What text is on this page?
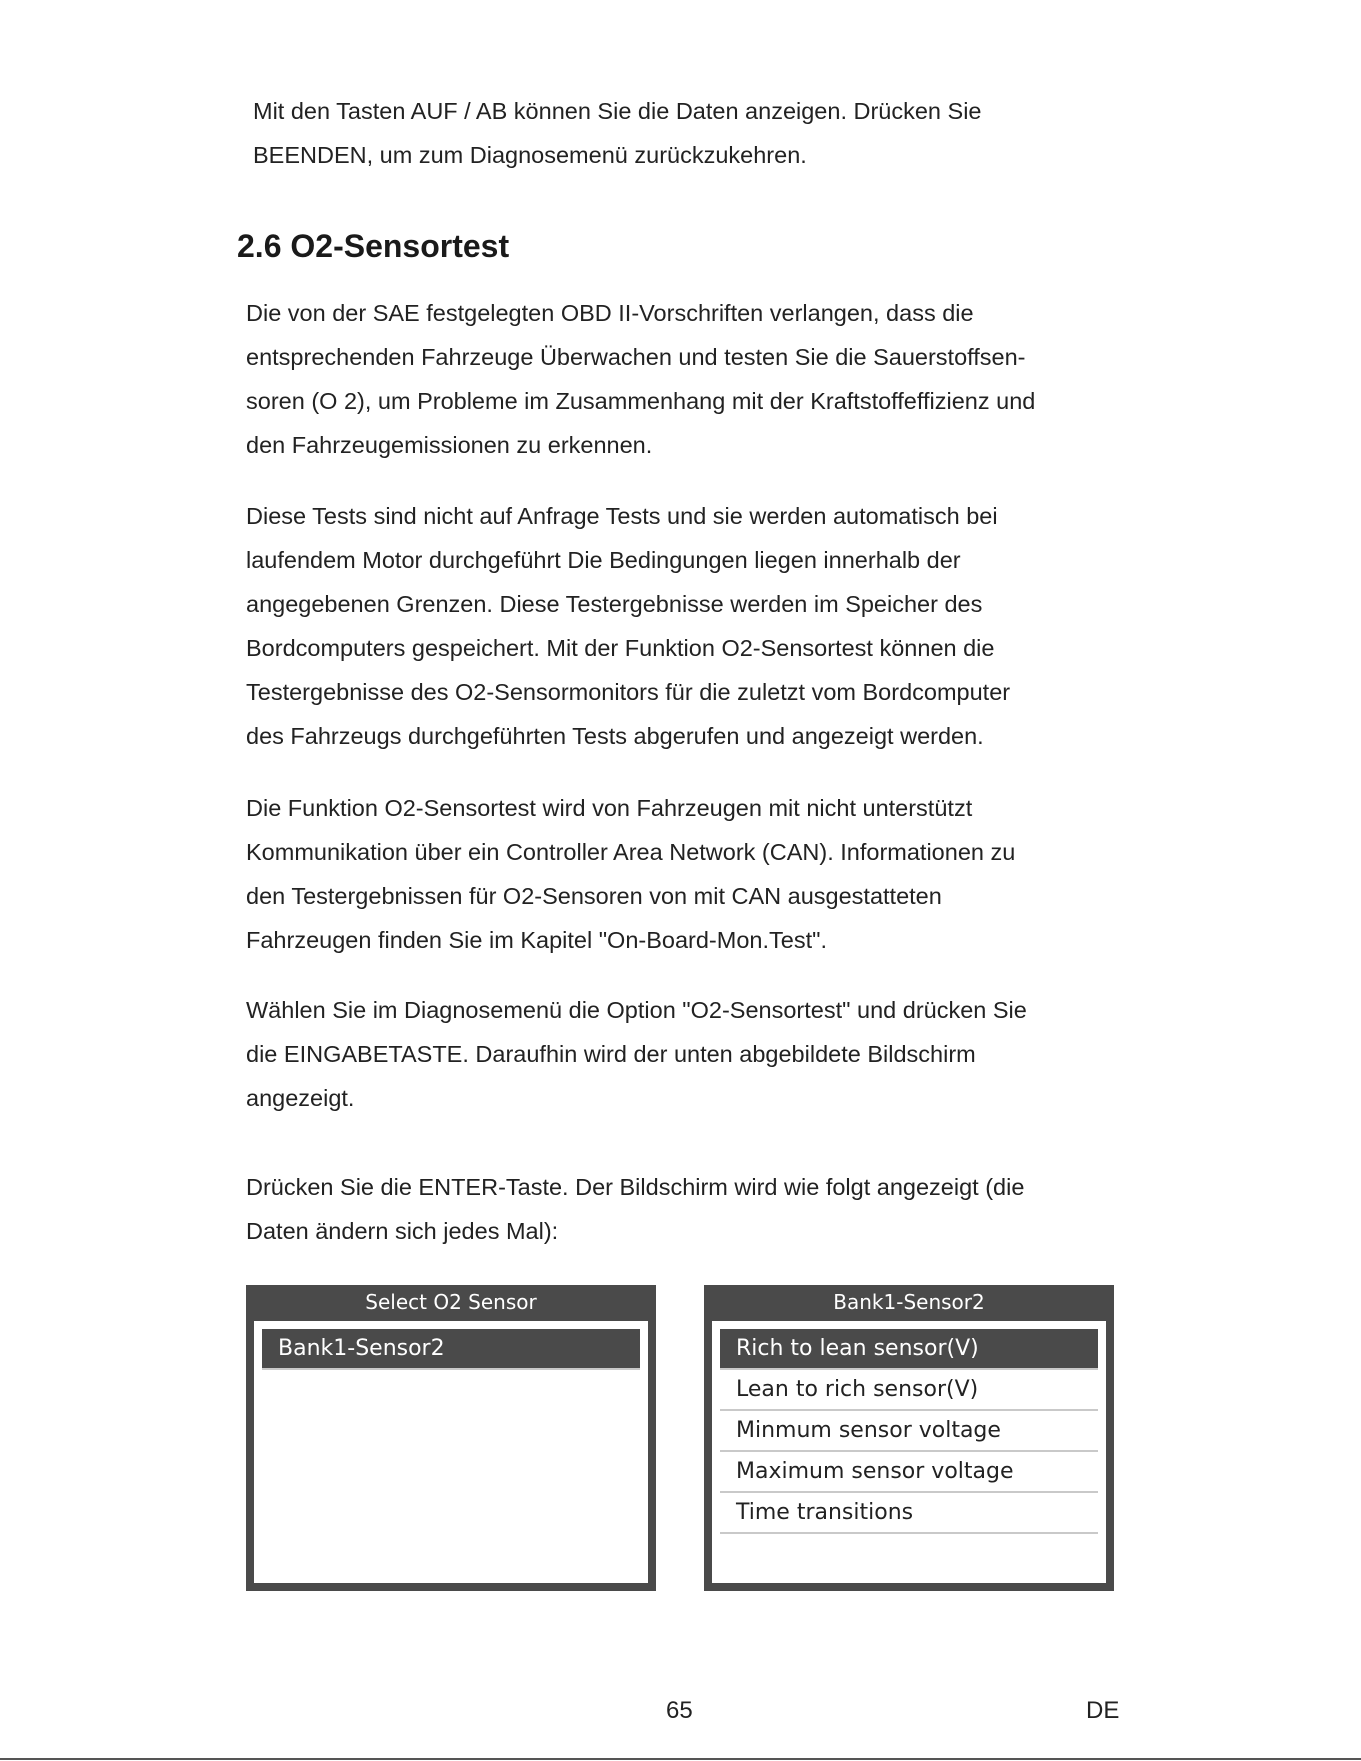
Mit den Tasten AUF / AB können Sie die Daten anzeigen. Drücken Sie
BEENDEN, um zum Diagnosemenü zurückzukehren.
2.6 O2-Sensortest
Die von der SAE festgelegten OBD II-Vorschriften verlangen, dass die
entsprechenden Fahrzeuge Überwachen und testen Sie die Sauerstoffsen-
soren (O 2), um Probleme im Zusammenhang mit der Kraftstoffeffizienz und
den Fahrzeugemissionen zu erkennen.
Diese Tests sind nicht auf Anfrage Tests und sie werden automatisch bei
laufendem Motor durchgeführt Die Bedingungen liegen innerhalb der
angegebenen Grenzen. Diese Testergebnisse werden im Speicher des
Bordcomputers gespeichert. Mit der Funktion O2-Sensortest können die
Testergebnisse des O2-Sensormonitors für die zuletzt vom Bordcomputer
des Fahrzeugs durchgeführten Tests abgerufen und angezeigt werden.
Die Funktion O2-Sensortest wird von Fahrzeugen mit nicht unterstützt
Kommunikation über ein Controller Area Network (CAN). Informationen zu
den Testergebnissen für O2-Sensoren von mit CAN ausgestatteten
Fahrzeugen finden Sie im Kapitel "On-Board-Mon.Test".
Wählen Sie im Diagnosemenü die Option "O2-Sensortest" und drücken Sie
die EINGABETASTE. Daraufhin wird der unten abgebildete Bildschirm
angezeigt.
Drücken Sie die ENTER-Taste. Der Bildschirm wird wie folgt angezeigt (die
Daten ändern sich jedes Mal):
Select O2 Sensor
Bank1-Sensor2
Bank1-Sensor2
Rich to lean sensor(V)
Lean to rich sensor(V)
Minmum sensor voltage
Maximum sensor voltage
Time transitions

65	DE
